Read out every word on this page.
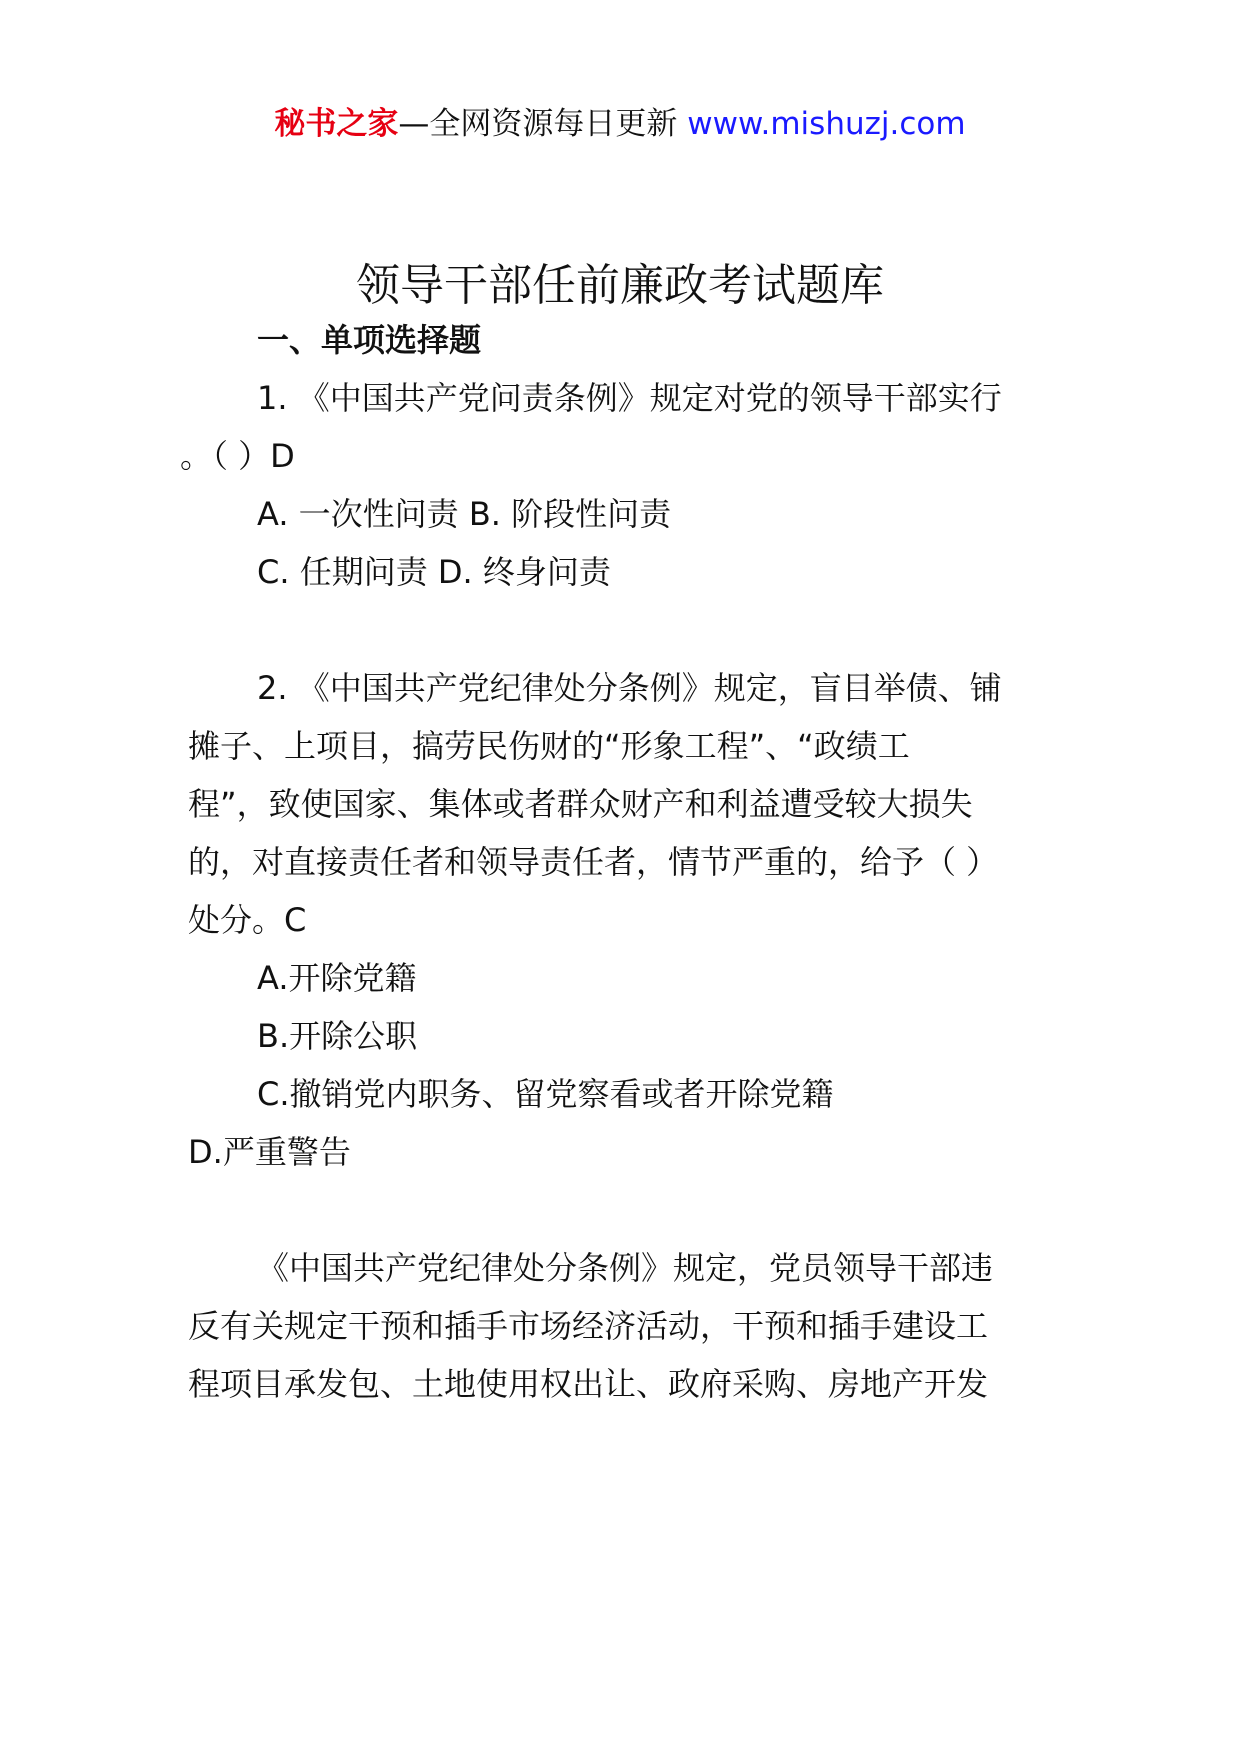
秘书之家—全网资源每日更新 www.mishuzj.com
领导干部任前廉政考试题库
一、单项选择题
1. 《中国共产党问责条例》规定对党的领导干部实行
。（ ）D
A. 一次性问责 B. 阶段性问责
C. 任期问责 D. 终身问责
2. 《中国共产党纪律处分条例》规定，盲目举债、铺
摊子、上项目，搞劳民伤财的“形象工程”、“政绩工
程”，致使国家、集体或者群众财产和利益遭受较大损失
的，对直接责任者和领导责任者，情节严重的，给予（ ）
处分。C
A.开除党籍
B.开除公职
C.撤销党内职务、留党察看或者开除党籍
D.严重警告
《中国共产党纪律处分条例》规定，党员领导干部违
反有关规定干预和插手市场经济活动，干预和插手建设工
程项目承发包、土地使用权出让、政府采购、房地产开发
